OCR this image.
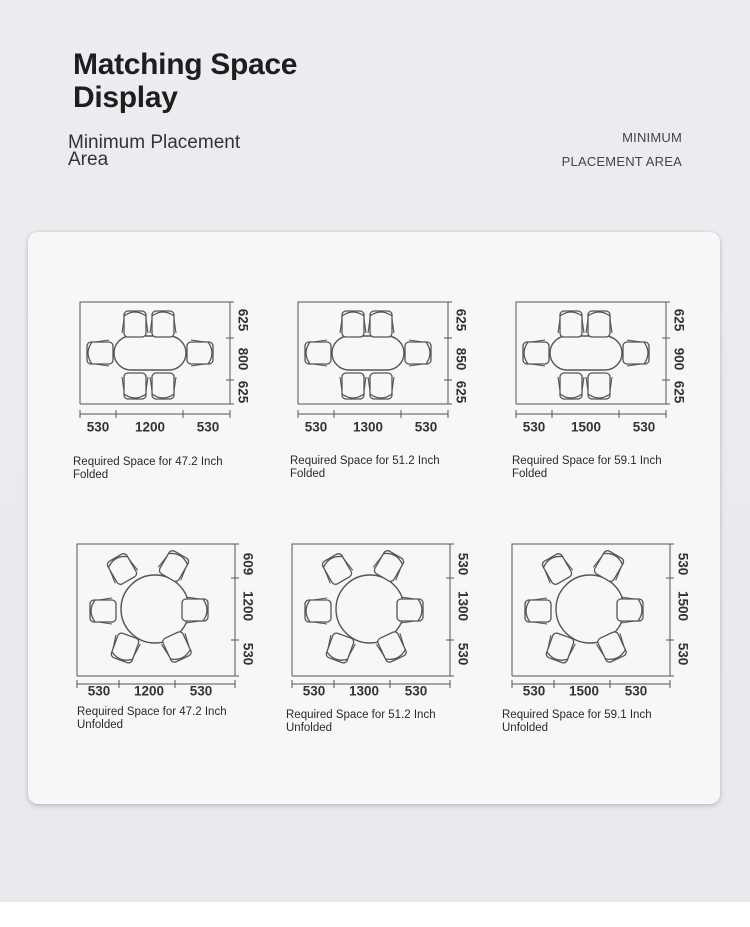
Matching Space Display
Minimum Placement Area
MINIMUM
PLACEMENT AREA
625
800
625
530 1200 530
Required Space for 47.2 Inch
Folded
625
850
625
530 1300 530
Required Space for 51.2 Inch
Folded
625
900
625
530 1500 530
Required Space for 59.1 Inch
Folded
609
1200
530
530 1200 530
Required Space for 47.2 Inch
Unfolded
530
1300
530
530 1300 530
Required Space for 51.2 Inch
Unfolded
530
1500
530
530 1500 530
Required Space for 59.1 Inch
Unfolded
